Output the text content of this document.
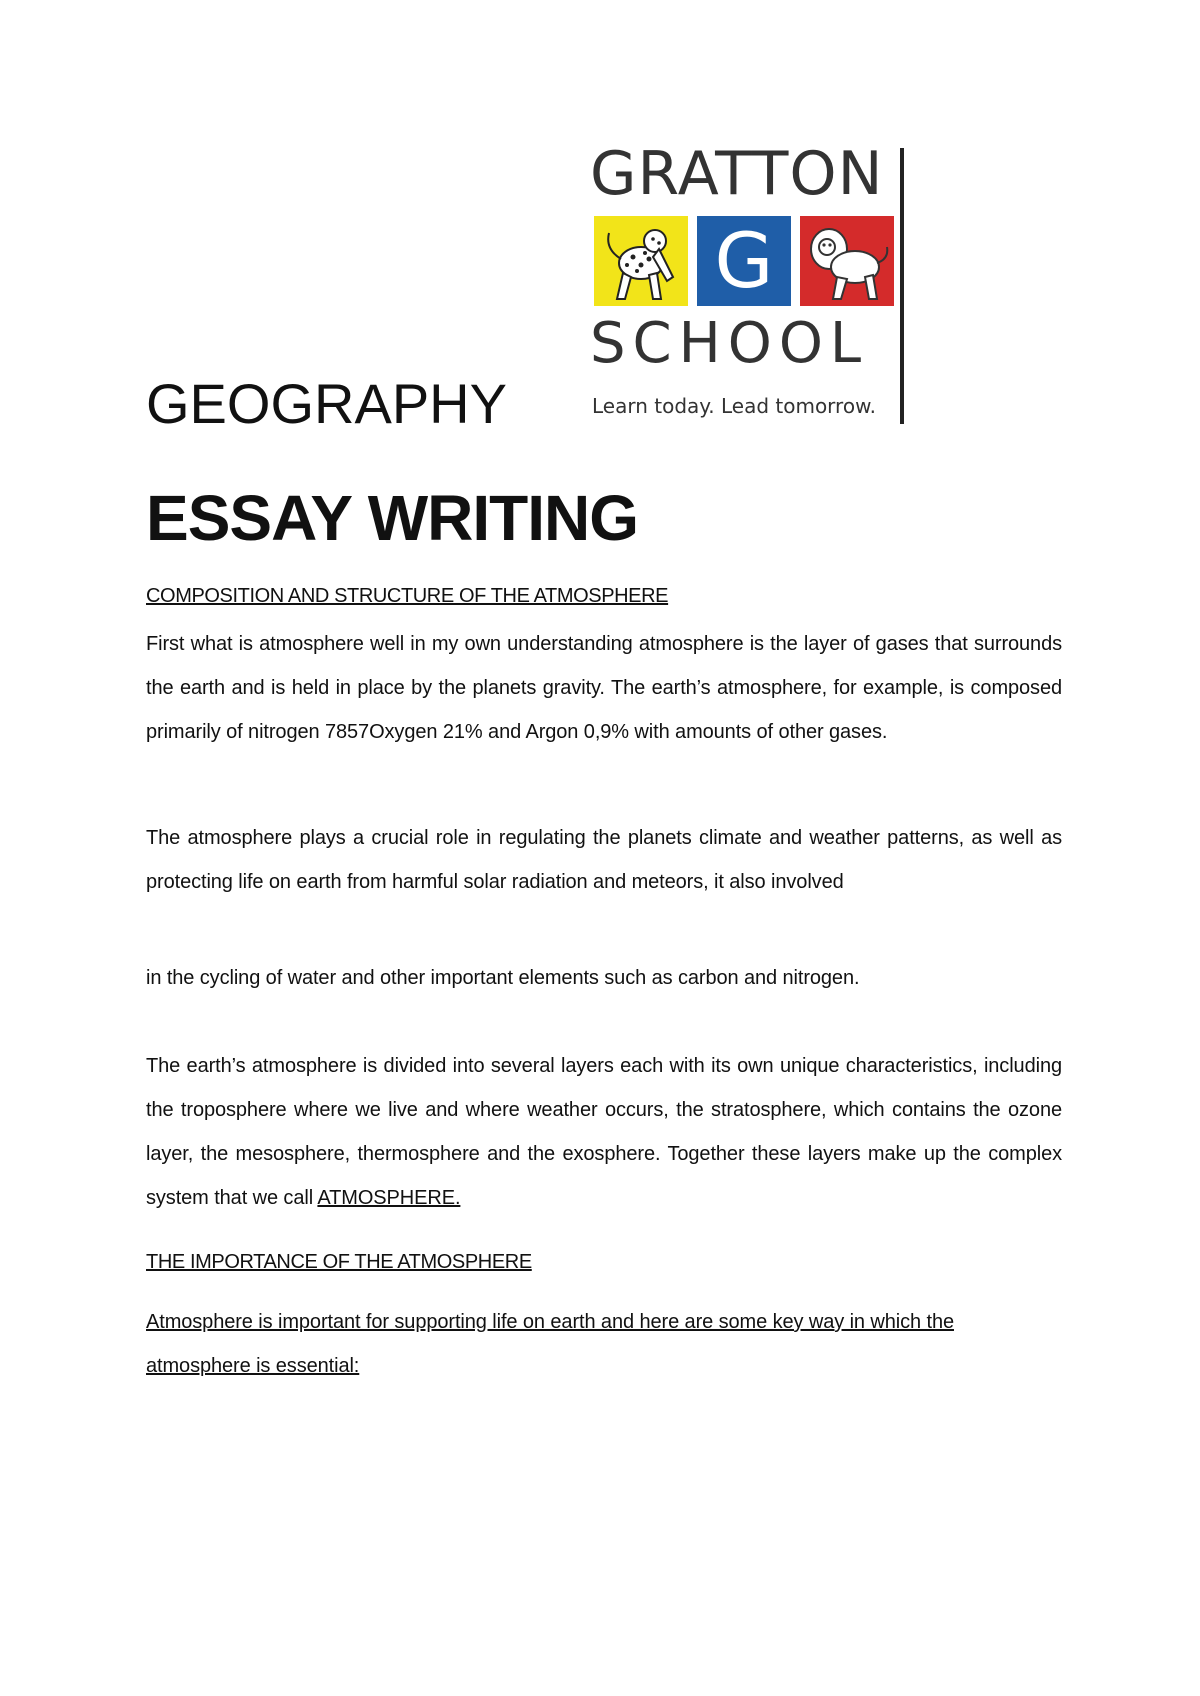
GRATTON
G
SCHOOL
Learn today. Lead tomorrow.
GEOGRAPHY
ESSAY WRITING
COMPOSITION AND STRUCTURE OF THE ATMOSPHERE
First what is atmosphere well in my own understanding atmosphere is the layer of gases that surrounds the earth and is held in place by the planets gravity. The earth’s atmosphere, for example, is composed primarily of nitrogen 7857Oxygen 21% and Argon 0,9% with amounts of other gases.
The atmosphere plays a crucial role in regulating the planets climate and weather patterns, as well as protecting life on earth from harmful solar radiation and meteors, it also involved
in the cycling of water and other important elements such as carbon and nitrogen.
The earth’s atmosphere is divided into several layers each with its own unique characteristics, including the troposphere where we live and where weather occurs, the stratosphere, which contains the ozone layer, the mesosphere, thermosphere and the exosphere. Together these layers make up the complex system that we call ATMOSPHERE.
THE IMPORTANCE OF THE ATMOSPHERE
Atmosphere is important for supporting life on earth and here are some key way in which the atmosphere is essential:
